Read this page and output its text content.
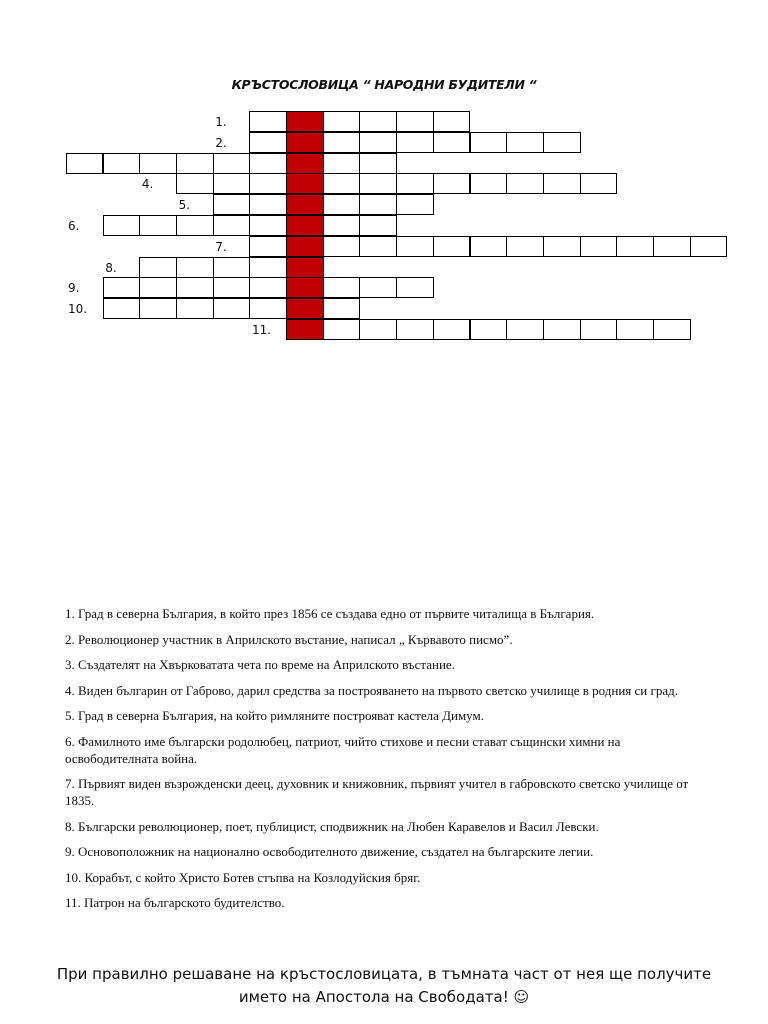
КРЪСТОСЛОВИЦА “ НАРОДНИ БУДИТЕЛИ “
1.
2.
4.
5.
6.
7.
8.
9.
10.
11.

1. Град в северна България, в който през 1856 се създава едно от първите читалища в България.

2. Революционер участник в Априлското въстание, написал „ Кървавото писмо”.

3. Създателят на Хвърковатата чета по време на Априлското въстание.

4. Виден българин от Габрово, дарил средства за построяването на първото светско училище в родния си град.

5. Град в северна България, на който римляните построяват кастела Димум.

6. Фамилното име български родолюбец, патриот, чийто стихове и песни стават същински химни на освободителната война.

7. Първият виден възрожденски деец, духовник и книжовник, първият учител в габровското светско училище от 1835.

8. Български революционер, поет, публицист, сподвижник на Любен Каравелов и Васил Левски.

9. Основоположник на национално освободителното движение, създател на българските легии.

10. Корабът, с който Христо Ботев стъпва на Козлодуйския бряг.

11. Патрон на българското будителство.

При правилно решаване на кръстословицата, в тъмната част от нея ще получите
името на Апостола на Свободата! ☺
